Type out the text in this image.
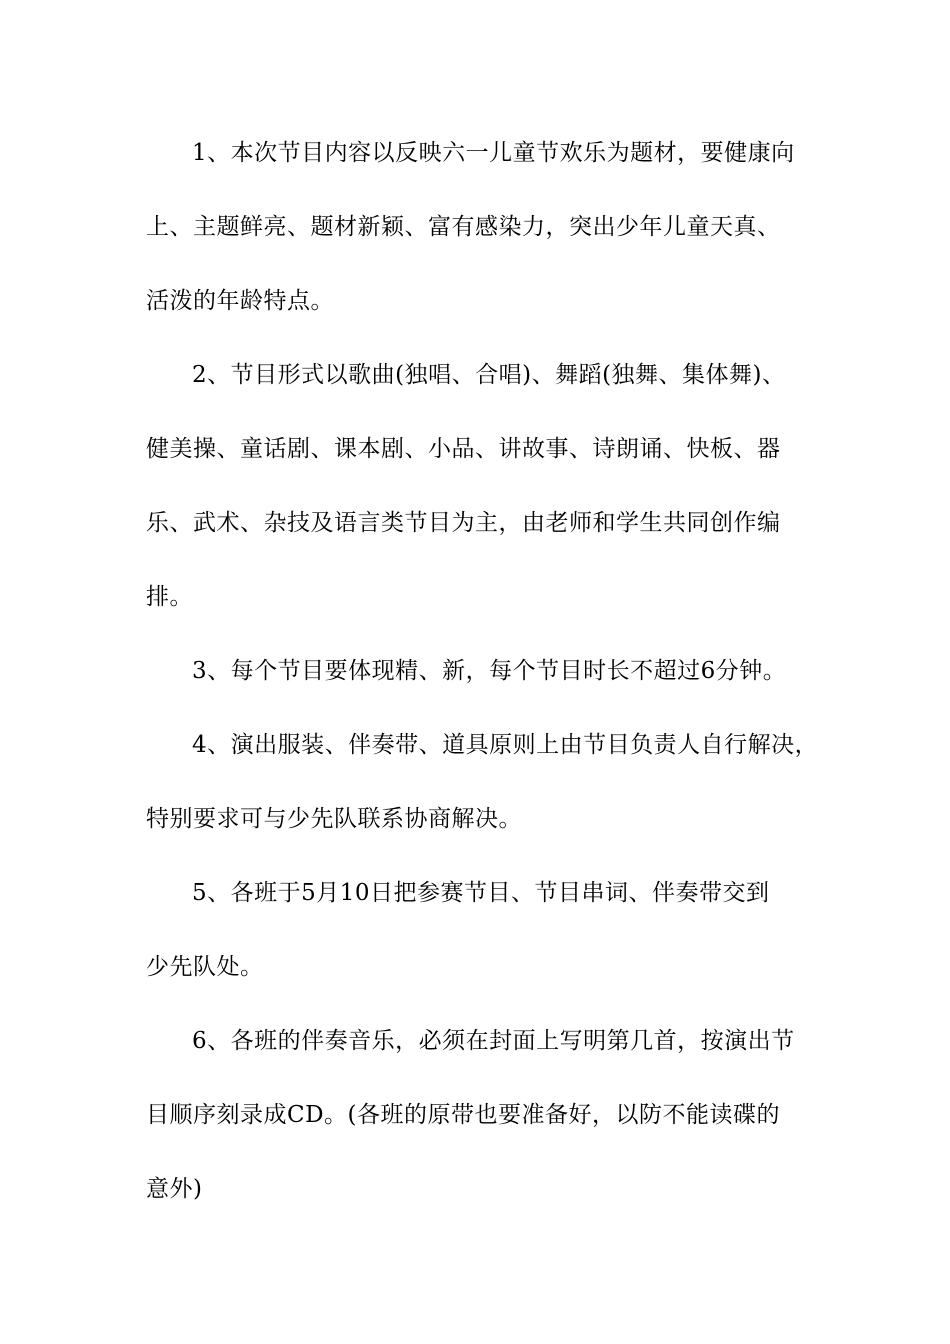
1、本次节目内容以反映六一儿童节欢乐为题材，要健康向
上、主题鲜亮、题材新颖、富有感染力，突出少年儿童天真、
活泼的年龄特点。
2、节目形式以歌曲(独唱、合唱)、舞蹈(独舞、集体舞)、
健美操、童话剧、课本剧、小品、讲故事、诗朗诵、快板、器
乐、武术、杂技及语言类节目为主，由老师和学生共同创作编
排。
3、每个节目要体现精、新，每个节目时长不超过6分钟。
4、演出服装、伴奏带、道具原则上由节目负责人自行解决，
特别要求可与少先队联系协商解决。
5、各班于5月10日把参赛节目、节目串词、伴奏带交到
少先队处。
6、各班的伴奏音乐，必须在封面上写明第几首，按演出节
目顺序刻录成CD。(各班的原带也要准备好，以防不能读碟的
意外)
